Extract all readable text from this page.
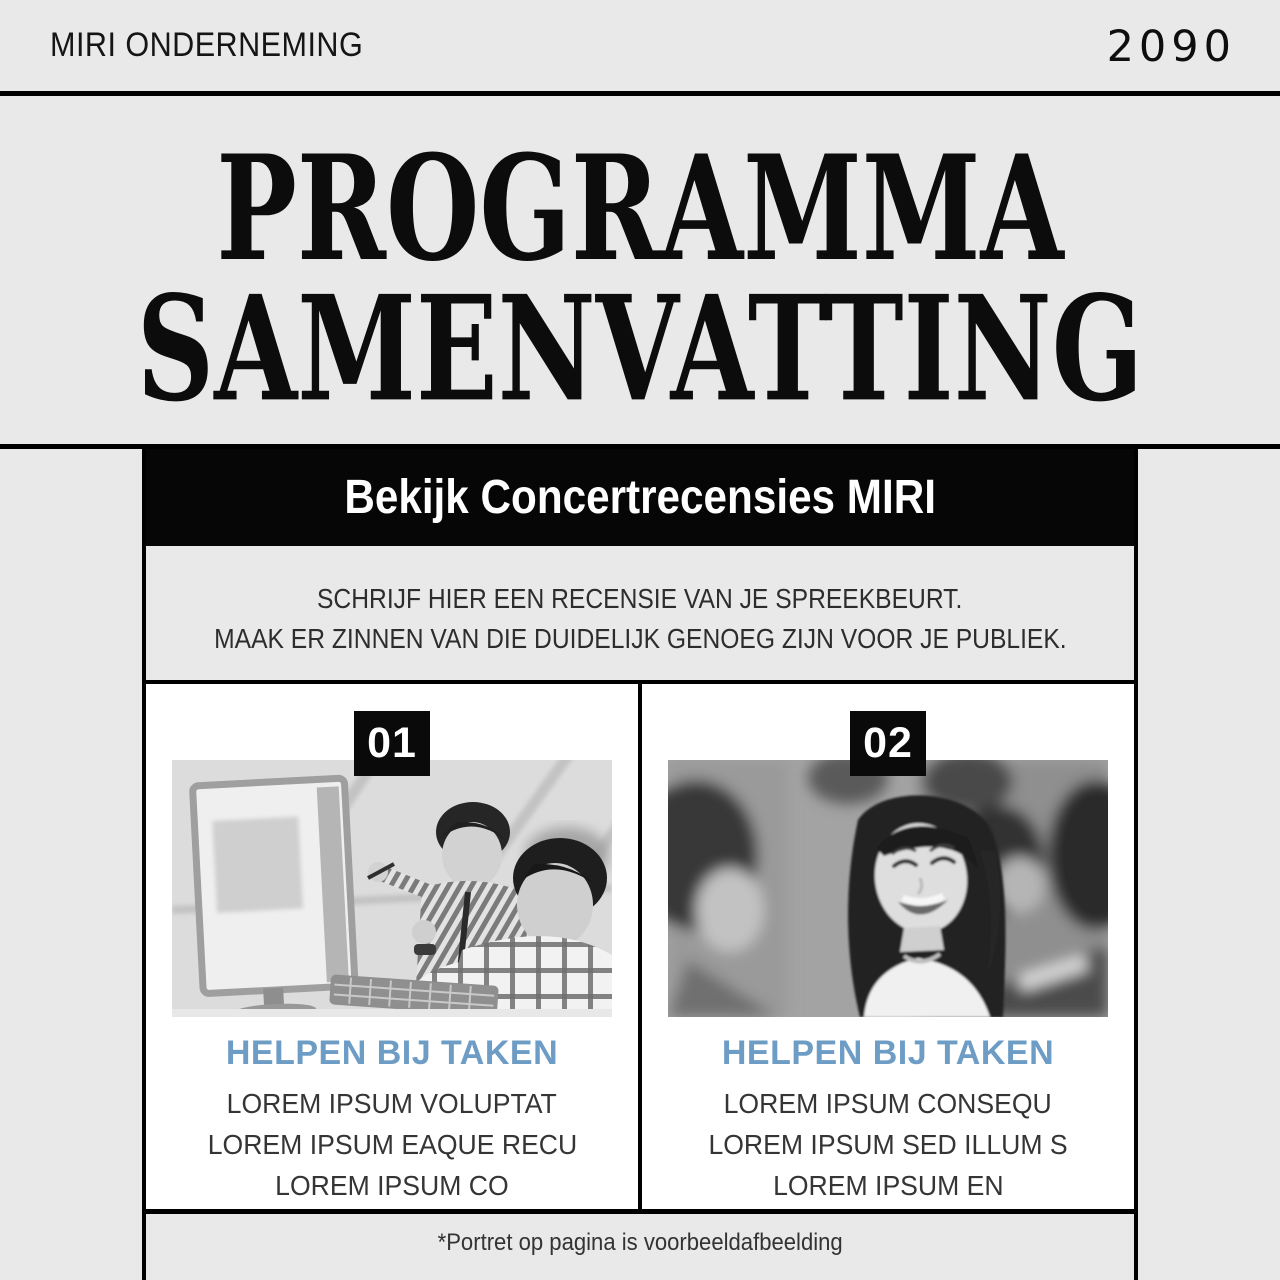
MIRI ONDERNEMING	2090
PROGRAMMA
SAMENVATTING
Bekijk Concertrecensies MIRI
SCHRIJF HIER EEN RECENSIE VAN JE SPREEKBEURT.
MAAK ER ZINNEN VAN DIE DUIDELIJK GENOEG ZIJN VOOR JE PUBLIEK.
01
HELPEN BIJ TAKEN
LOREM IPSUM VOLUPTAT
LOREM IPSUM EAQUE RECU
LOREM IPSUM CO
02
HELPEN BIJ TAKEN
LOREM IPSUM CONSEQU
LOREM IPSUM SED ILLUM S
LOREM IPSUM EN
*Portret op pagina is voorbeeldafbeelding
